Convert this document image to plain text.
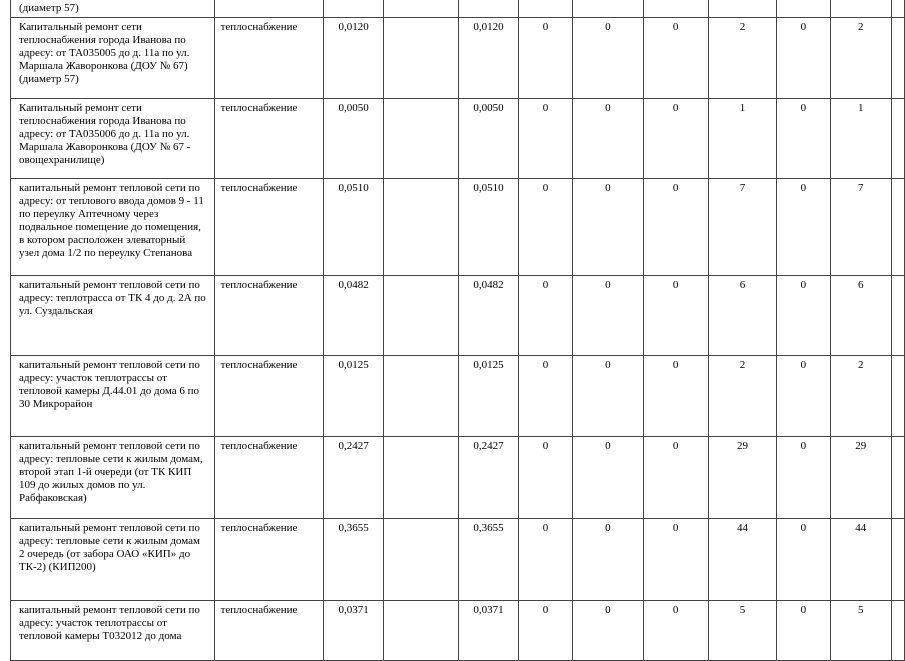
(диаметр 57)											
Капитальный ремонт сети теплоснабжения города Иванова по адресу: от ТА035005 до д. 11а по ул. Маршала Жаворонкова (ДОУ № 67) (диаметр 57)	теплоснабжение	0,0120		0,0120	0	0	0	2	0	2	
Капитальный ремонт сети теплоснабжения города Иванова по адресу: от ТА035006 до д. 11а по ул. Маршала Жаворонкова (ДОУ № 67 - овощехранилище)	теплоснабжение	0,0050		0,0050	0	0	0	1	0	1	
капитальный ремонт тепловой сети по адресу: от теплового ввода домов 9 - 11 по переулку Аптечному через подвальное помещение до помещения, в котором расположен элеваторный узел дома 1/2 по переулку Степанова	теплоснабжение	0,0510		0,0510	0	0	0	7	0	7	
капитальный ремонт тепловой сети по адресу: теплотрасса от ТК 4 до д. 2А по ул. Суздальская	теплоснабжение	0,0482		0,0482	0	0	0	6	0	6	
капитальный ремонт тепловой сети по адресу: участок теплотрассы от тепловой камеры Д.44.01 до дома 6 по 30 Микрорайон	теплоснабжение	0,0125		0,0125	0	0	0	2	0	2	
капитальный ремонт тепловой сети по адресу: тепловые сети к жилым домам, второй этап 1-й очереди (от ТК КИП 109 до жилых домов по ул. Рабфаковская)	теплоснабжение	0,2427		0,2427	0	0	0	29	0	29	
капитальный ремонт тепловой сети по адресу: тепловые сети к жилым домам 2 очередь (от забора ОАО «КИП» до ТК-2) (КИП200)	теплоснабжение	0,3655		0,3655	0	0	0	44	0	44	
капитальный ремонт тепловой сети по адресу: участок теплотрассы от тепловой камеры Т032012 до дома	теплоснабжение	0,0371		0,0371	0	0	0	5	0	5	
